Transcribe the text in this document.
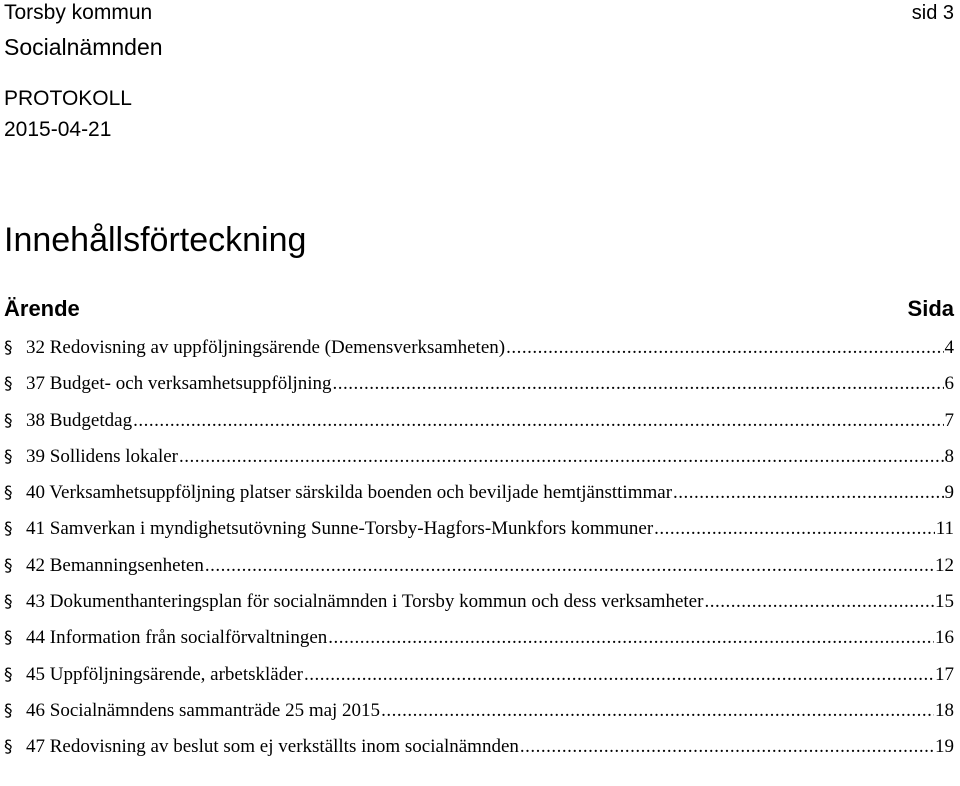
Torsby kommun	sid 3
Socialnämnden
PROTOKOLL
2015-04-21
Innehållsförteckning
Ärende	Sida
§ 32 Redovisning av uppföljningsärende (Demensverksamheten) .....	4
§ 37 Budget- och verksamhetsuppföljning .....	6
§ 38 Budgetdag .....	7
§ 39 Sollidens lokaler .....	8
§ 40 Verksamhetsuppföljning platser särskilda boenden och beviljade hemtjänsttimmar .....	9
§ 41 Samverkan i myndighetsutövning Sunne-Torsby-Hagfors-Munkfors kommuner .....	11
§ 42 Bemanningsenheten .....	12
§ 43 Dokumenthanteringsplan för socialnämnden i Torsby kommun och dess verksamheter .....	15
§ 44 Information från socialförvaltningen .....	16
§ 45 Uppföljningsärende, arbetskläder .....	17
§ 46 Socialnämndens sammanträde 25 maj 2015 .....	18
§ 47 Redovisning av beslut som ej verkställts inom socialnämnden .....	19
